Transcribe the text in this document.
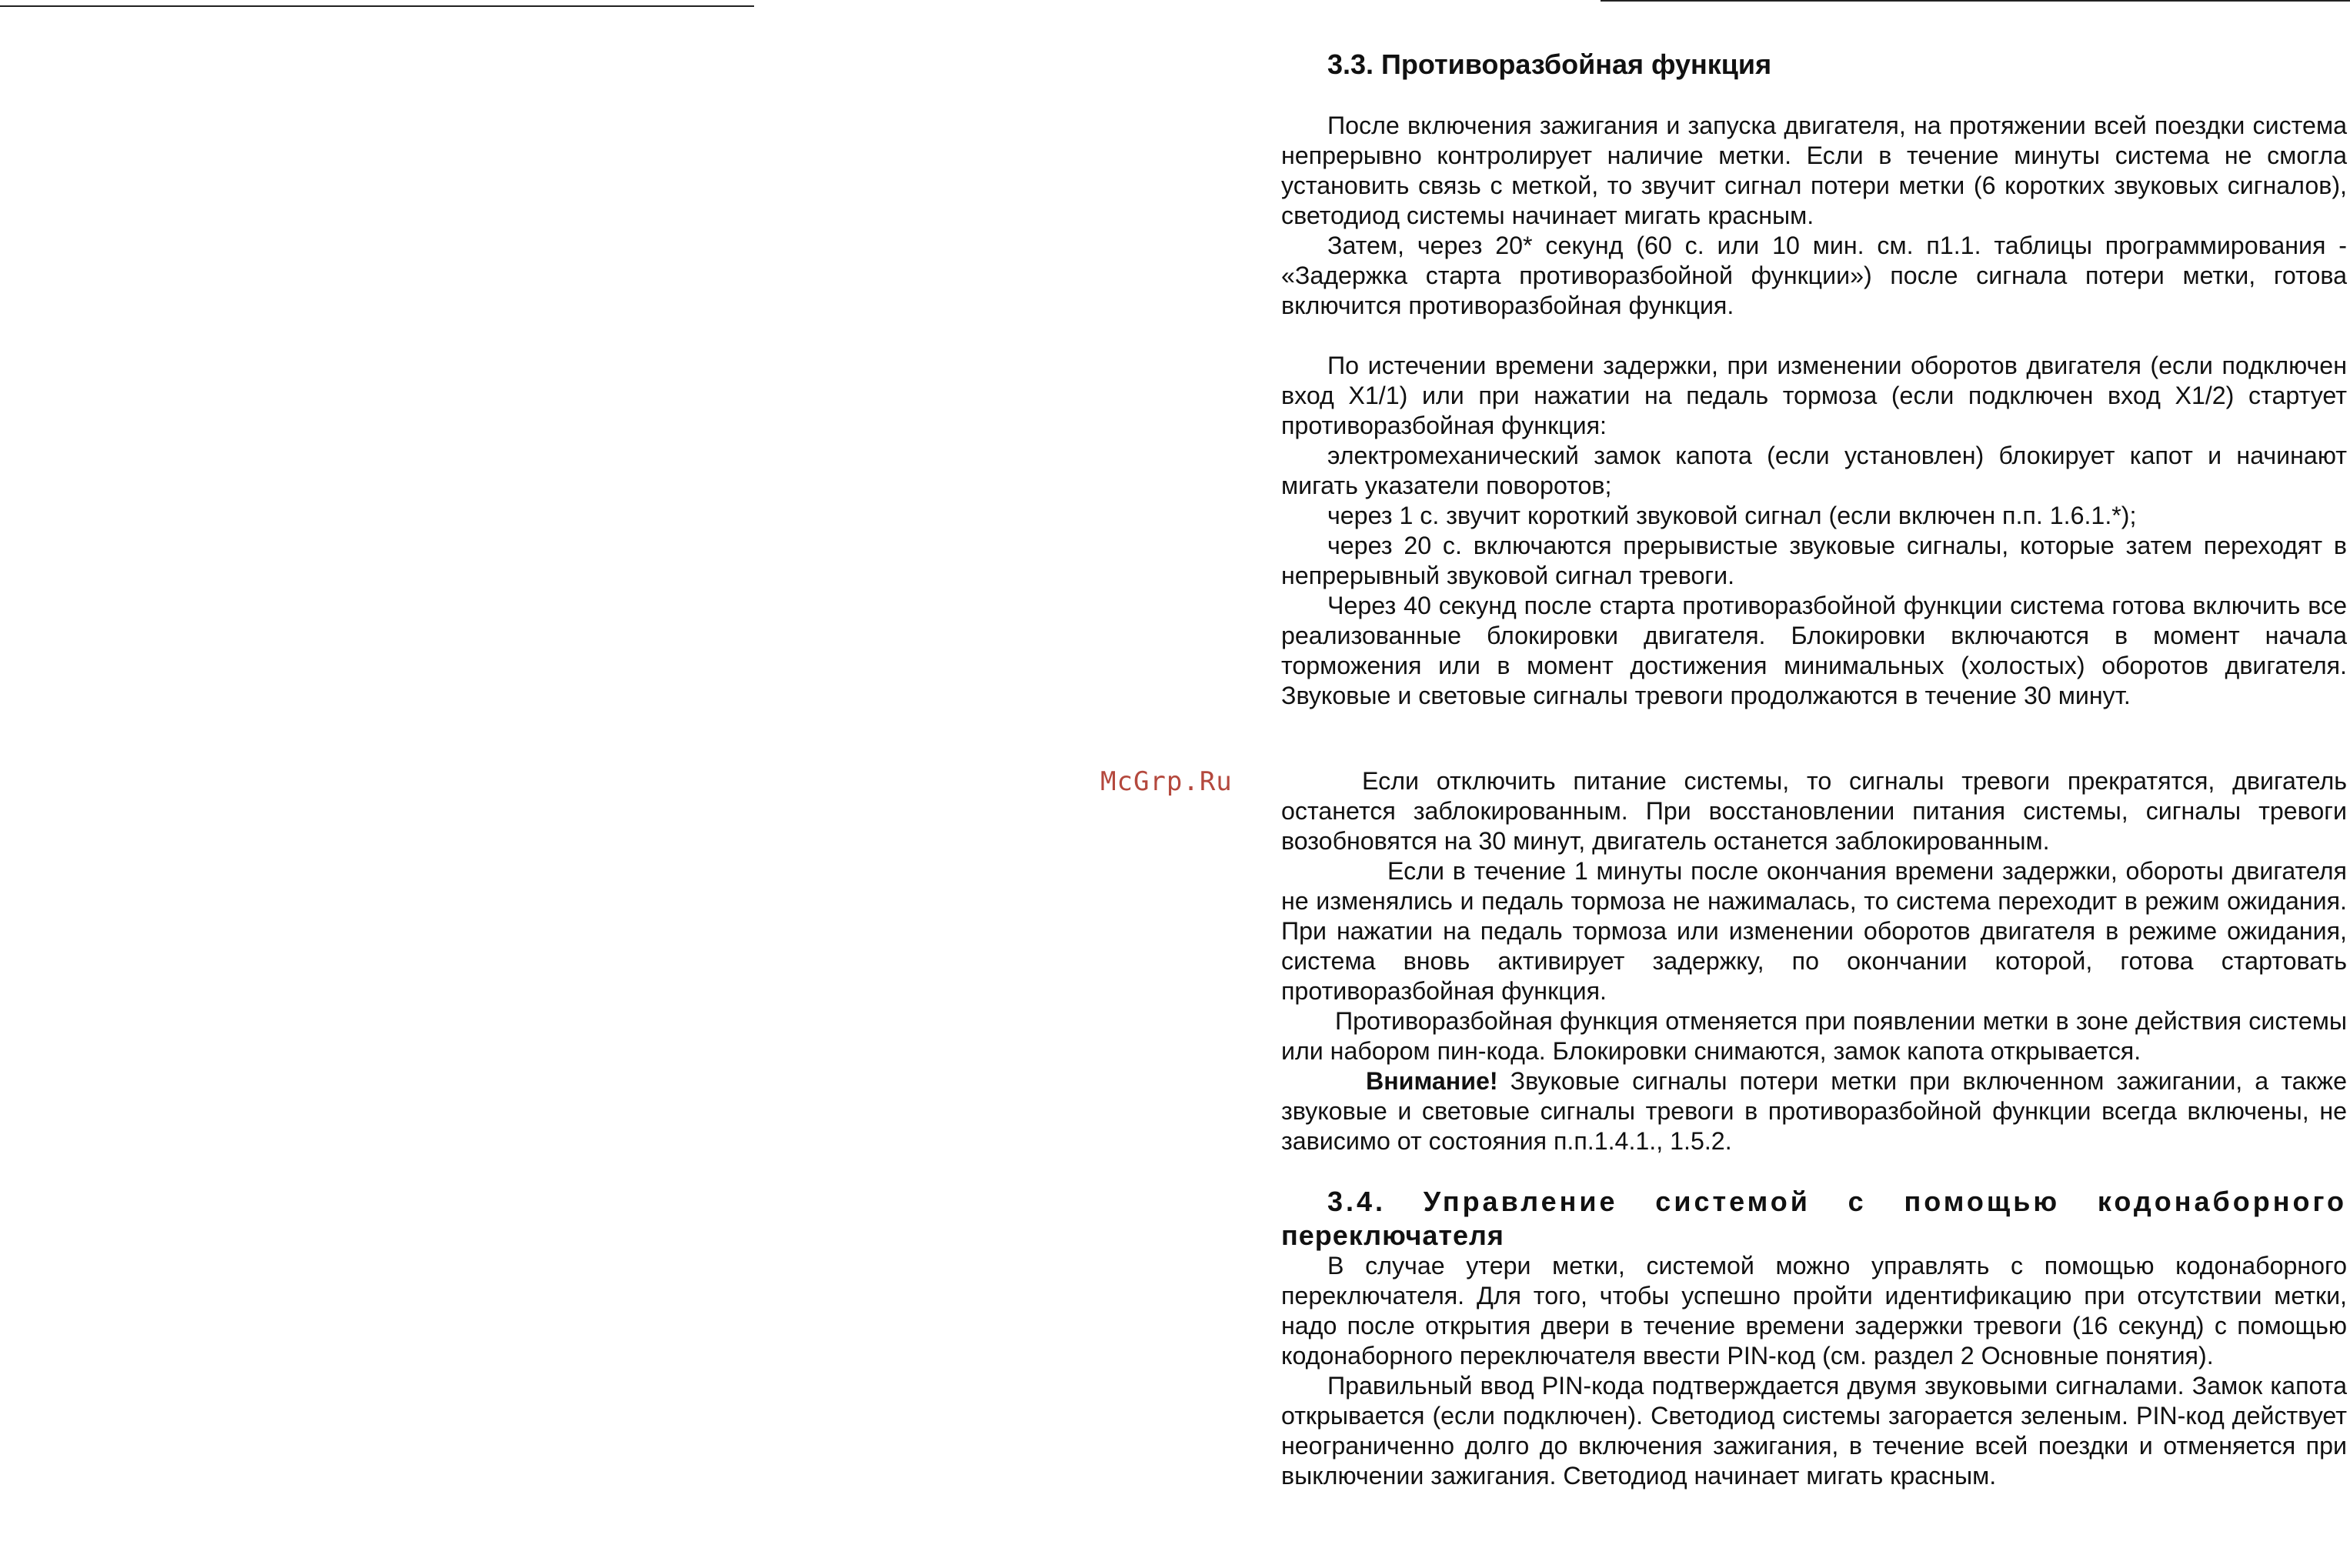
McGrp.Ru
3.3. Противоразбойная функция

После включения зажигания и запуска двигателя, на протяжении всей поездки система непрерывно контролирует наличие метки. Если в течение минуты система не смогла установить связь с меткой, то звучит сигнал потери метки (6 коротких звуковых сигналов), светодиод системы начинает мигать красным.

Затем, через 20* секунд (60 с. или 10 мин. см. п1.1. таблицы программирования - «Задержка старта противоразбойной функции») после сигнала потери метки, готова включится противоразбойная функция.

По истечении времени задержки, при изменении оборотов двигателя (если подключен вход Х1/1) или при нажатии на педаль тормоза (если подключен вход Х1/2) стартует противоразбойная функция:

электромеханический замок капота (если установлен) блокирует капот и начинают мигать указатели поворотов;

через 1 с. звучит короткий звуковой сигнал (если включен п.п. 1.6.1.*);

через 20 с. включаются прерывистые звуковые сигналы, которые затем переходят в непрерывный звуковой сигнал тревоги.

Через 40 секунд после старта противоразбойной функции система готова включить все реализованные блокировки двигателя. Блокировки включаются в момент начала торможения или в момент достижения минимальных (холостых) оборотов двигателя. Звуковые и световые сигналы тревоги продолжаются в течение 30 минут.

Если отключить питание системы, то сигналы тревоги прекратятся, двигатель останется заблокированным. При восстановлении питания системы, сигналы тревоги возобновятся на 30 минут, двигатель останется заблокированным.

Если в течение 1 минуты после окончания времени задержки, обороты двигателя не изменялись и педаль тормоза не нажималась, то система переходит в режим ожидания. При нажатии на педаль тормоза или изменении оборотов двигателя в режиме ожидания, система вновь активирует задержку, по окончании которой, готова стартовать противоразбойная функция.

Противоразбойная функция отменяется при появлении метки в зоне действия системы или набором пин-кода. Блокировки снимаются, замок капота открывается.

Внимание! Звуковые сигналы потери метки при включенном зажигании, а также звуковые и световые сигналы тревоги в противоразбойной функции всегда включены, не зависимо от состояния п.п.1.4.1., 1.5.2.

3.4. Управление системой с помощью кодонаборного
переключателя

В случае утери метки, системой можно управлять с помощью кодонаборного переключателя. Для того, чтобы успешно пройти идентификацию при отсутствии метки, надо после открытия двери в течение времени задержки тревоги (16 секунд) с помощью кодонаборного переключателя ввести PIN-код (см. раздел 2 Основные понятия).

Правильный ввод PIN-кода подтверждается двумя звуковыми сигналами. Замок капота открывается (если подключен). Светодиод системы загорается зеленым. PIN-код действует неограниченно долго до включения зажигания, в течение всей поездки и отменяется при выключении зажигания. Светодиод начинает мигать красным.
